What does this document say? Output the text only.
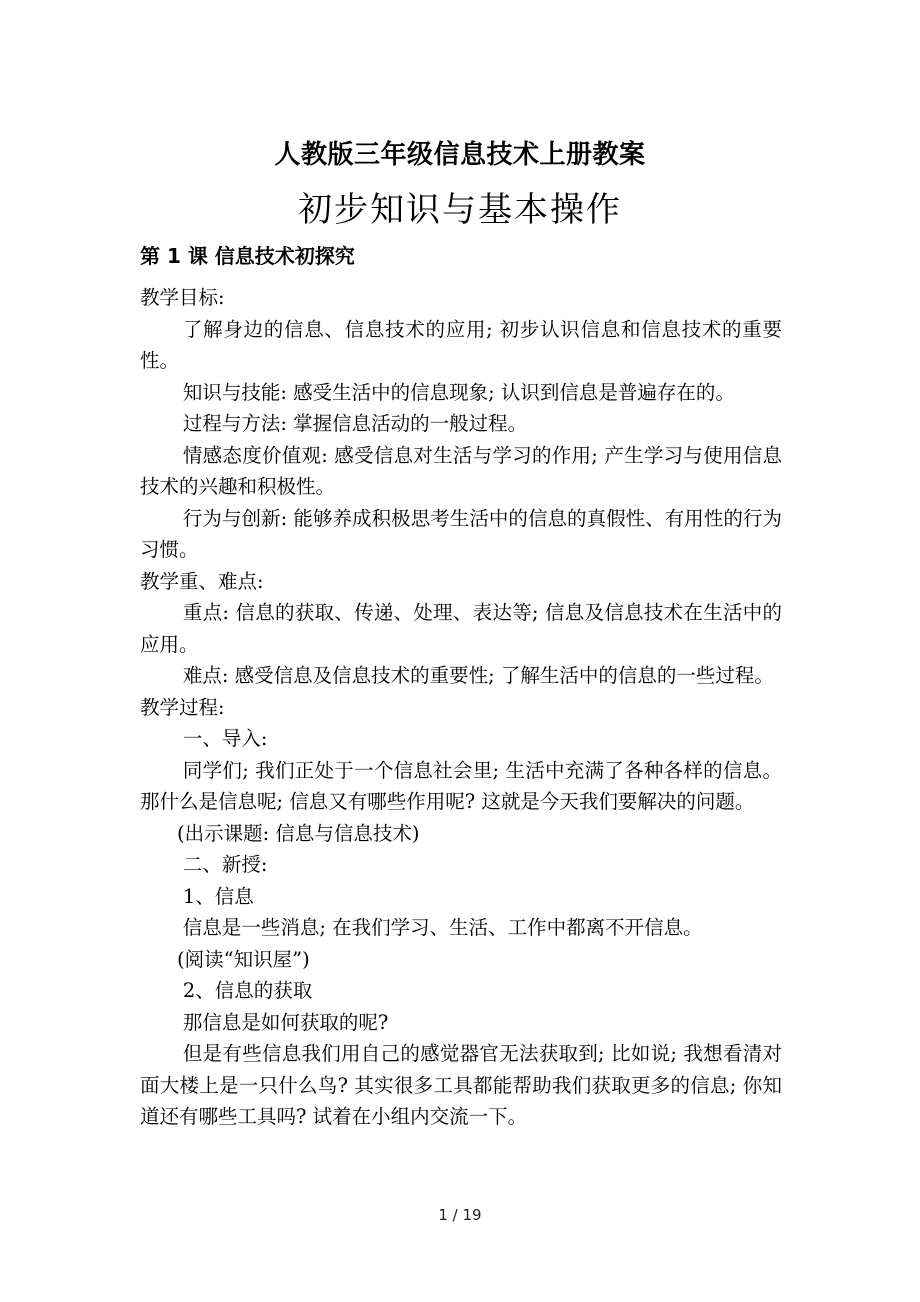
人教版三年级信息技术上册教案
初步知识与基本操作
第 1 课 信息技术初探究

教学目标:

了解身边的信息、信息技术的应用; 初步认识信息和信息技术的重要性。

知识与技能: 感受生活中的信息现象; 认识到信息是普遍存在的。

过程与方法: 掌握信息活动的一般过程。

情感态度价值观: 感受信息对生活与学习的作用; 产生学习与使用信息技术的兴趣和积极性。

行为与创新: 能够养成积极思考生活中的信息的真假性、有用性的行为习惯。

教学重、难点:

重点: 信息的获取、传递、处理、表达等; 信息及信息技术在生活中的应用。

难点: 感受信息及信息技术的重要性; 了解生活中的信息的一些过程。

教学过程:

一、导入:

同学们; 我们正处于一个信息社会里; 生活中充满了各种各样的信息。那什么是信息呢; 信息又有哪些作用呢? 这就是今天我们要解决的问题。

(出示课题: 信息与信息技术)

二、新授:

1、信息

信息是一些消息; 在我们学习、生活、工作中都离不开信息。

(阅读“知识屋”)

2、信息的获取

那信息是如何获取的呢?

但是有些信息我们用自己的感觉器官无法获取到; 比如说; 我想看清对面大楼上是一只什么鸟? 其实很多工具都能帮助我们获取更多的信息; 你知道还有哪些工具吗? 试着在小组内交流一下。

1 / 19
